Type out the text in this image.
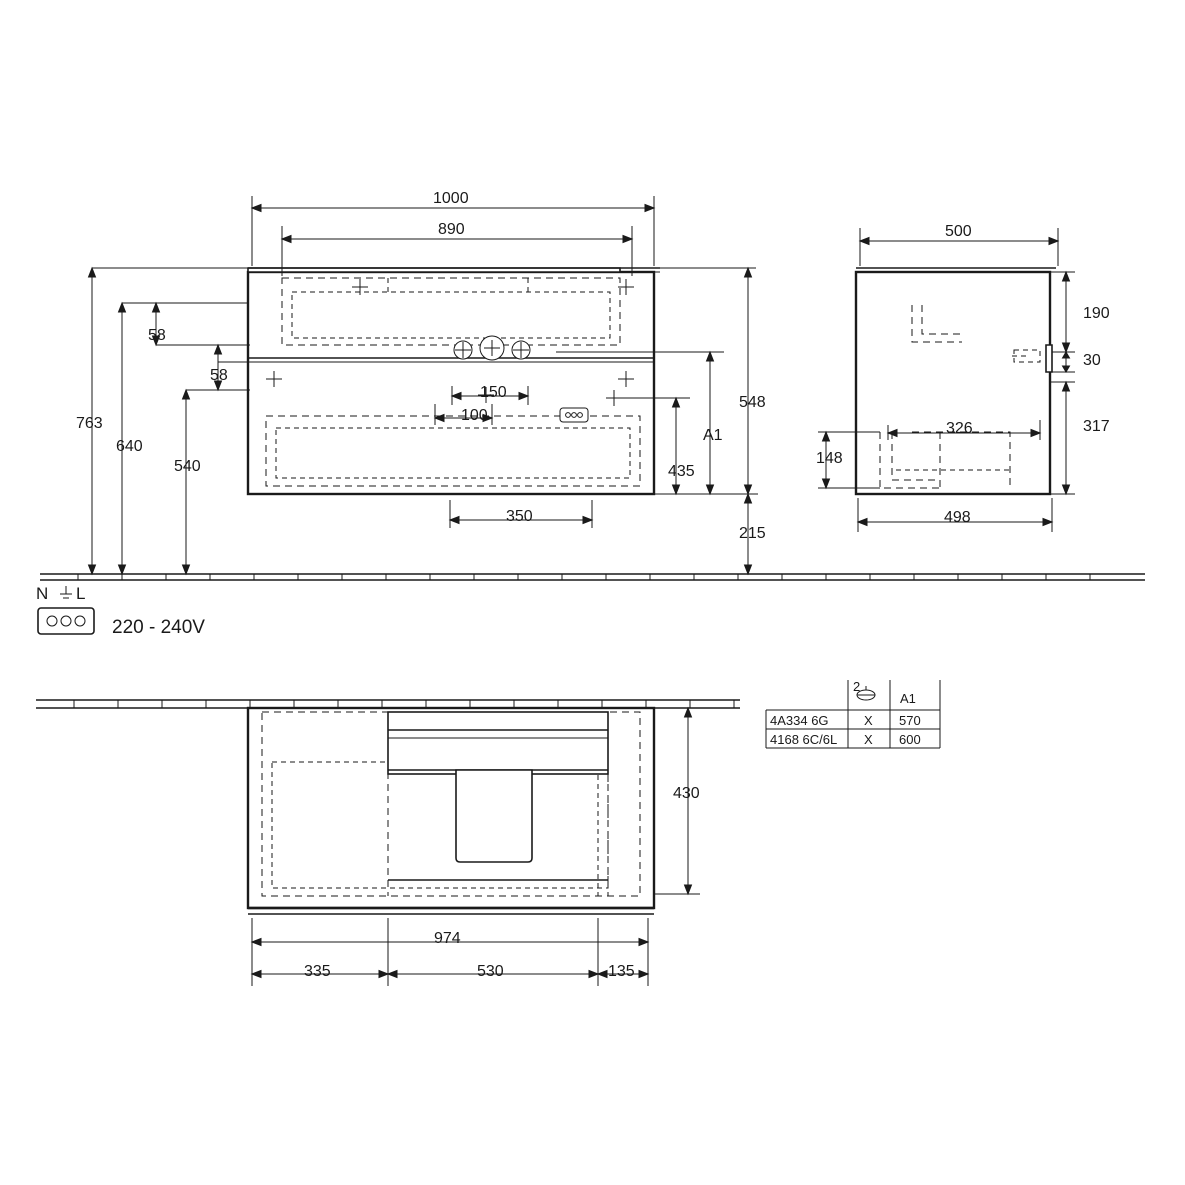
1000
890
58
58
763
640
540
548
A1
435
215
150
100
350
500
190
30
317
326
148
498
N L
220 - 240V
430
974
335	530	135
2
A1
4A334 6G	X 570
4168 6C/6L X 600
